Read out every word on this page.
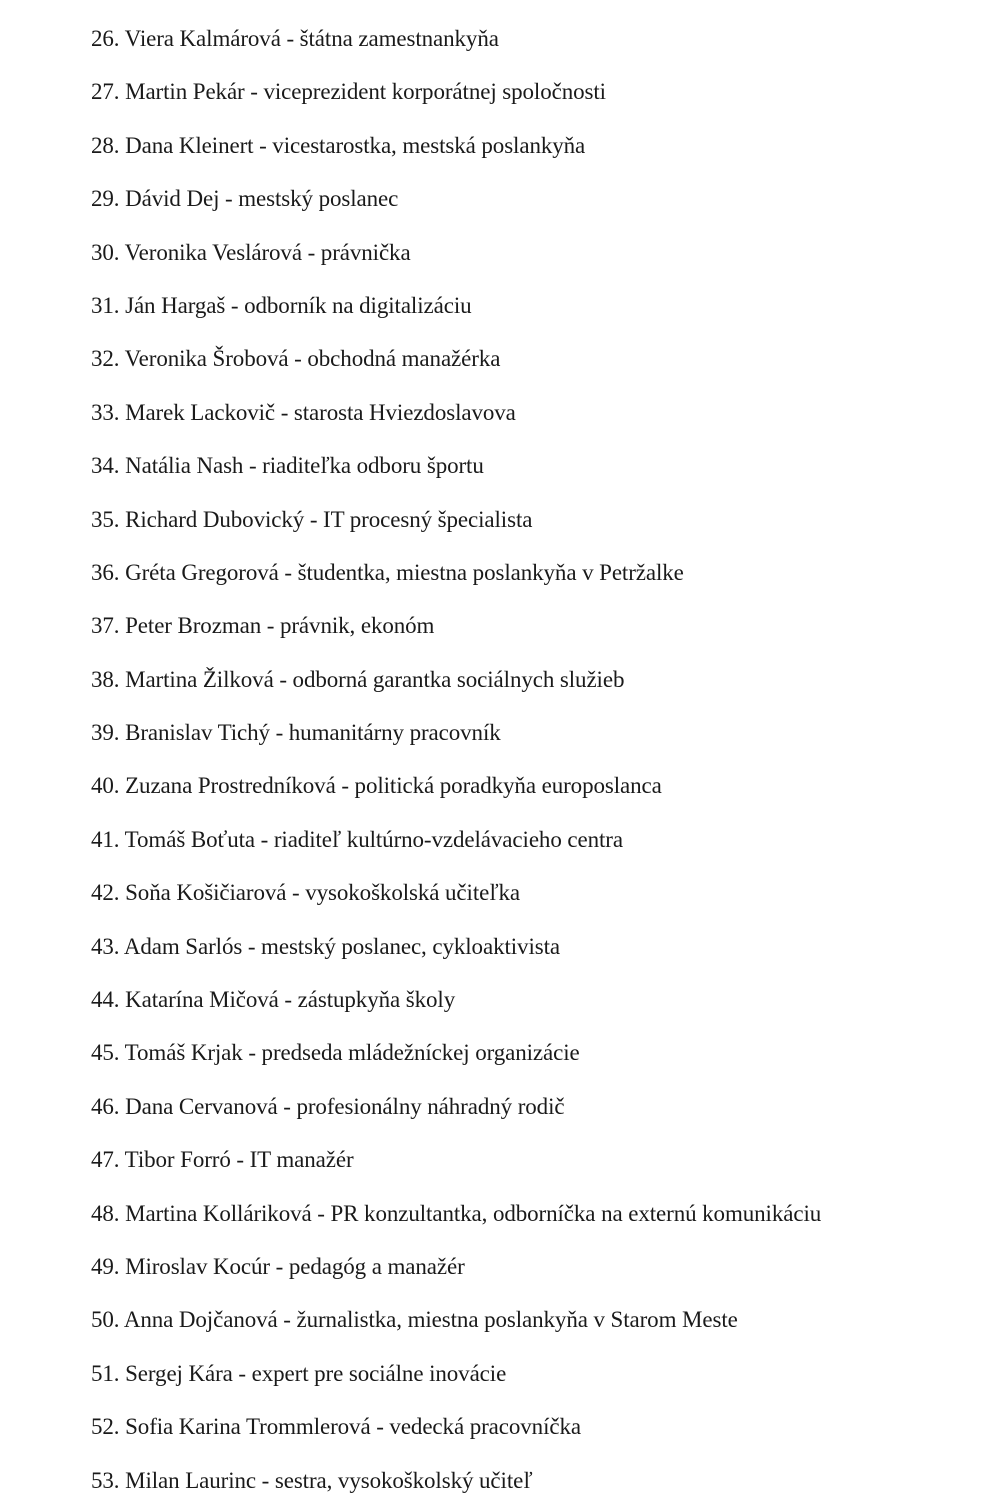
26. Viera Kalmárová - štátna zamestnankyňa
27. Martin Pekár - viceprezident korporátnej spoločnosti
28. Dana Kleinert - vicestarostka, mestská poslankyňa
29. Dávid Dej - mestský poslanec
30. Veronika Veslárová - právnička
31. Ján Hargaš - odborník na digitalizáciu
32. Veronika Šrobová - obchodná manažérka
33. Marek Lackovič - starosta Hviezdoslavova
34. Natália Nash - riaditeľka odboru športu
35. Richard Dubovický - IT procesný špecialista
36. Gréta Gregorová - študentka, miestna poslankyňa v Petržalke
37. Peter Brozman - právnik, ekonóm
38. Martina Žilková - odborná garantka sociálnych služieb
39. Branislav Tichý - humanitárny pracovník
40. Zuzana Prostredníková - politická poradkyňa europoslanca
41. Tomáš Boťuta - riaditeľ kultúrno-vzdelávacieho centra
42. Soňa Košičiarová - vysokoškolská učiteľka
43. Adam Sarlós - mestský poslanec, cykloaktivista
44. Katarína Mičová - zástupkyňa školy
45. Tomáš Krjak - predseda mládežníckej organizácie
46. Dana Cervanová - profesionálny náhradný rodič
47. Tibor Forró - IT manažér
48. Martina Kolláriková - PR konzultantka, odborníčka na externú komunikáciu
49. Miroslav Kocúr - pedagóg a manažér
50. Anna Dojčanová - žurnalistka, miestna poslankyňa v Starom Meste
51. Sergej Kára - expert pre sociálne inovácie
52. Sofia Karina Trommlerová - vedecká pracovníčka
53. Milan Laurinc - sestra, vysokoškolský učiteľ
